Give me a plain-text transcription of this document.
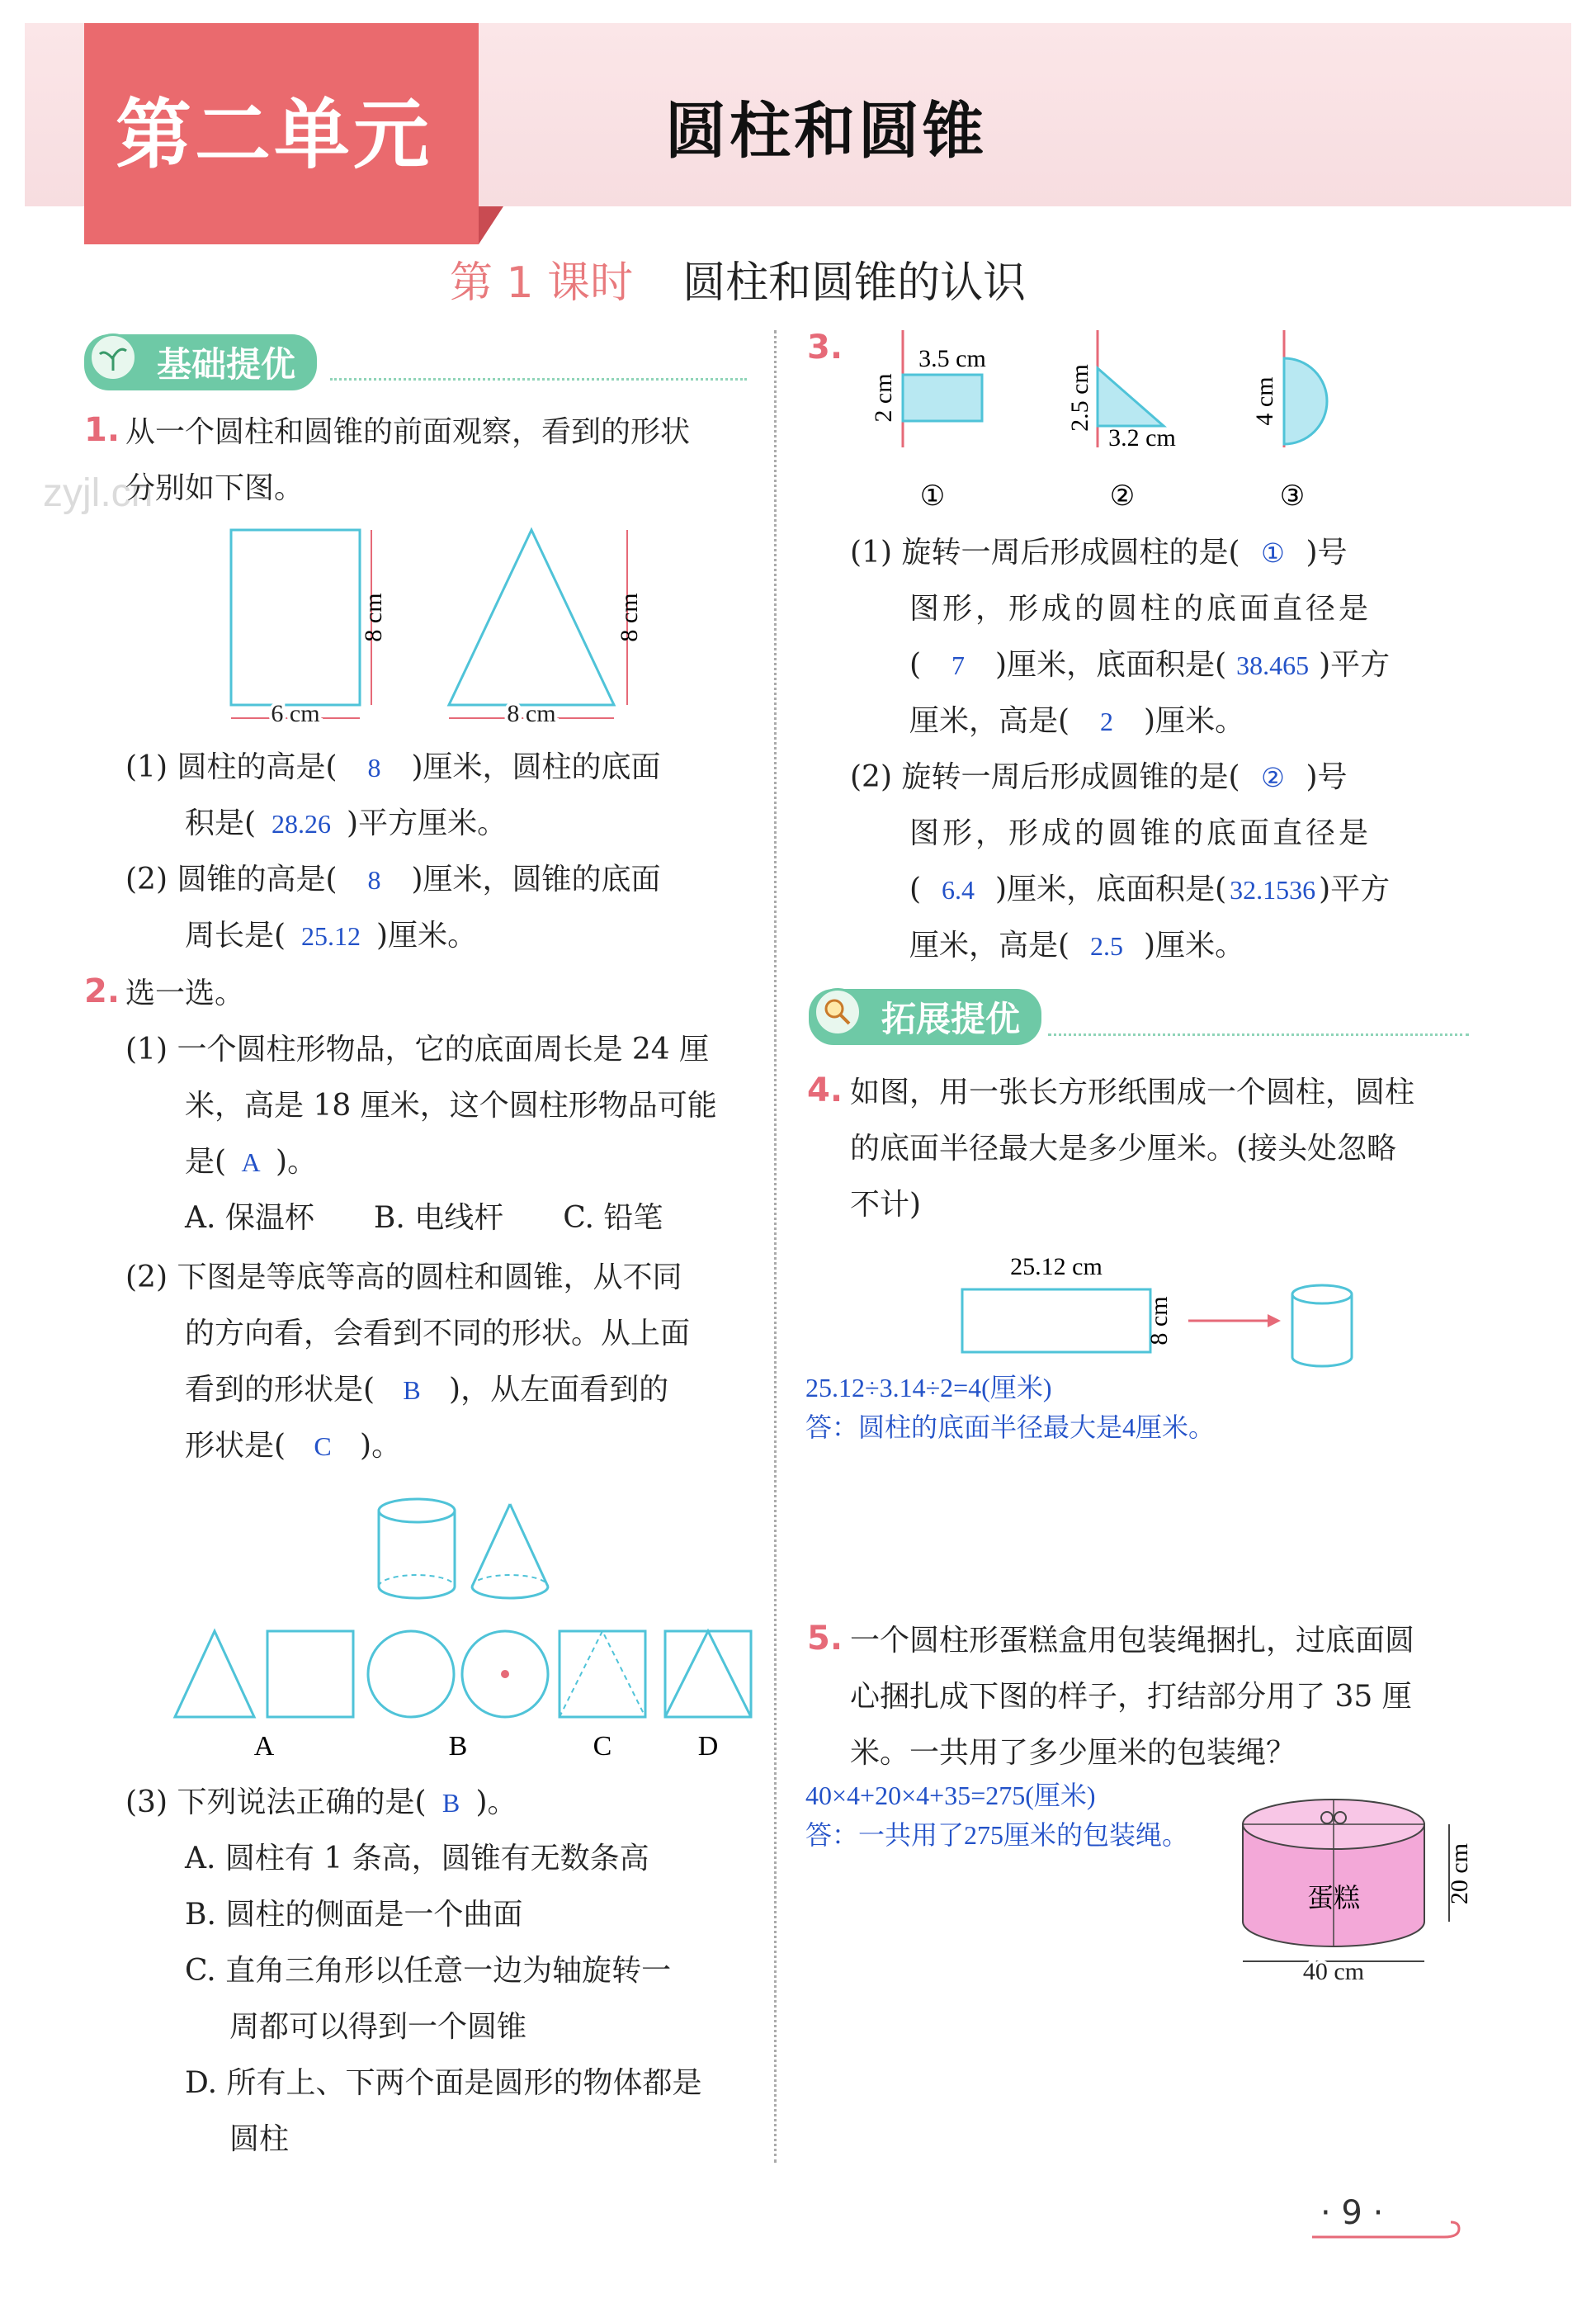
第二单元	圆柱和圆锥
第 1 课时 圆柱和圆锥的认识
基础提优
zyjl.cn
1. 从一个圆柱和圆锥的前面观察，看到的形状
分别如下图。
8 cm
6 cm
8 cm
8 cm
(1) 圆柱的高是( 8 )厘米，圆柱的底面
积是( 28.26 )平方厘米。
(2) 圆锥的高是( 8 )厘米，圆锥的底面
周长是( 25.12 )厘米。
2. 选一选。
(1) 一个圆柱形物品，它的底面周长是 24 厘
米，高是 18 厘米，这个圆柱形物品可能
是( A )。
A. 保温杯　　B. 电线杆　　C. 铅笔
(2) 下图是等底等高的圆柱和圆锥，从不同
的方向看，会看到不同的形状。从上面
看到的形状是( B )，从左面看到的
形状是( C )。
A	B	C	D
(3) 下列说法正确的是( B )。
A. 圆柱有 1 条高，圆锥有无数条高
B. 圆柱的侧面是一个曲面
C. 直角三角形以任意一边为轴旋转一
周都可以得到一个圆锥
D. 所有上、下两个面是圆形的物体都是
圆柱
3.	3.5 cm
2 cm
①
2.5 cm
3.2 cm
②
4 cm
③
(1) 旋转一周后形成圆柱的是( ① )号
图形，形成的圆柱的底面直径是
( 7 )厘米，底面积是( 38.465 )平方
厘米，高是( 2 )厘米。
(2) 旋转一周后形成圆锥的是( ② )号
图形，形成的圆锥的底面直径是
( 6.4 )厘米，底面积是( 32.1536 )平方
厘米，高是( 2.5 )厘米。
拓展提优
4. 如图，用一张长方形纸围成一个圆柱，圆柱
的底面半径最大是多少厘米。(接头处忽略
不计)
25.12 cm
8 cm
25.12÷3.14÷2=4(厘米)
答：圆柱的底面半径最大是4厘米。
5. 一个圆柱形蛋糕盒用包装绳捆扎，过底面圆
心捆扎成下图的样子，打结部分用了 35 厘
米。一共用了多少厘米的包装绳？
40×4+20×4+35=275(厘米)
答：一共用了275厘米的包装绳。
蛋糕	20 cm
40 cm
· 9 ·
